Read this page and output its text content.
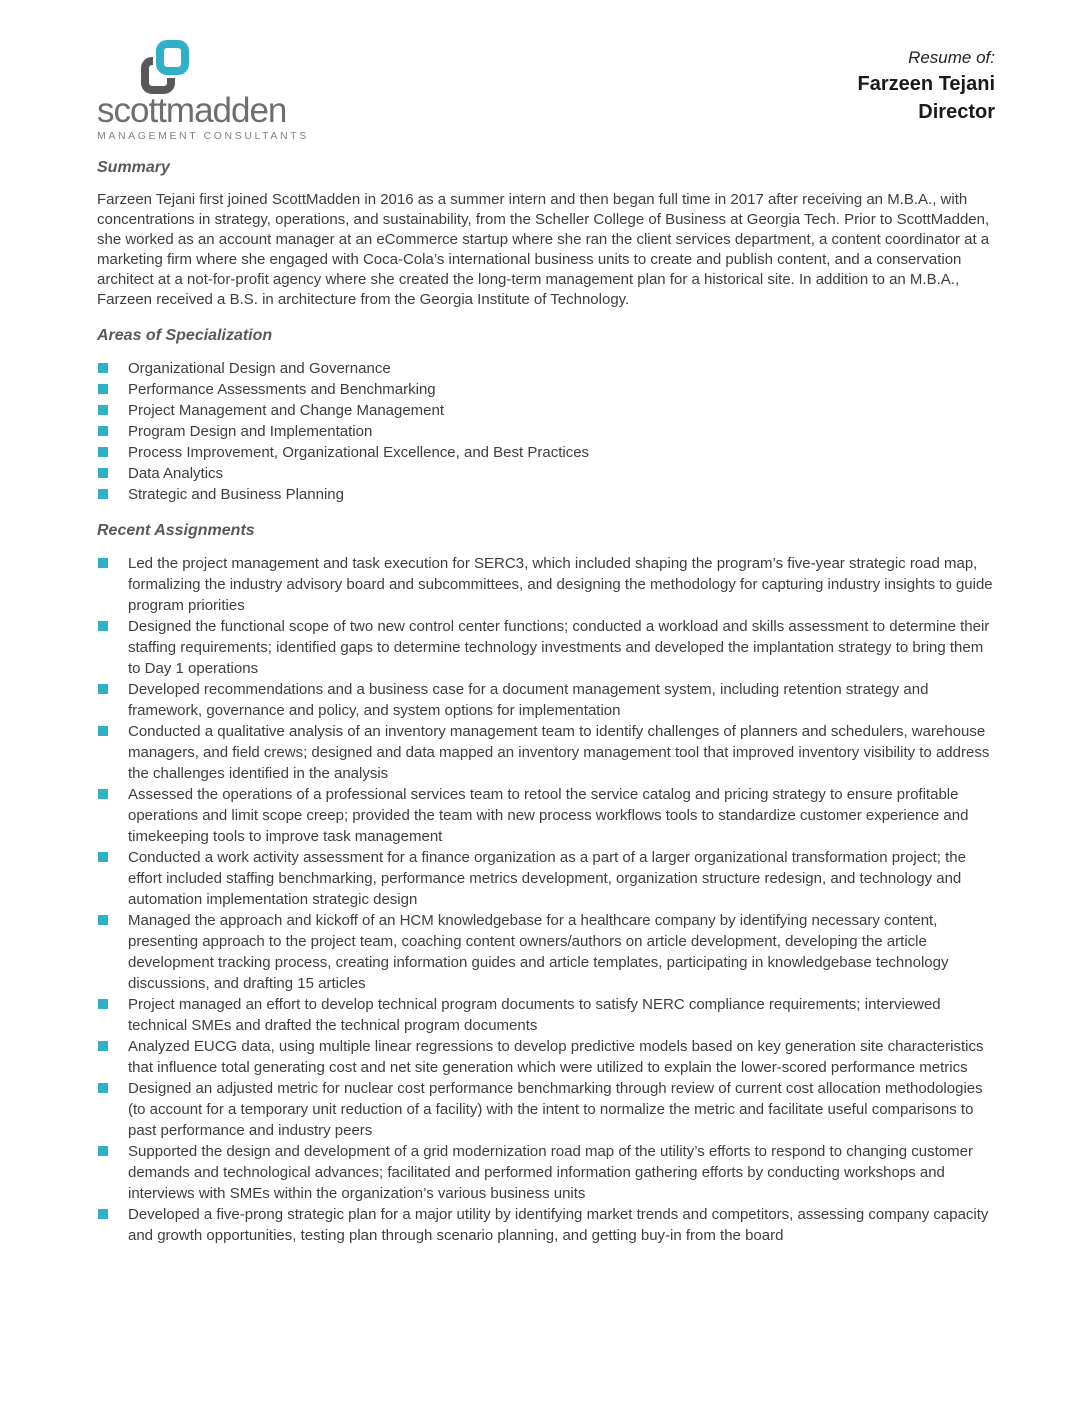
scottmadden
MANAGEMENT CONSULTANTS
Resume of:
Farzeen Tejani
Director
Summary

Farzeen Tejani first joined ScottMadden in 2016 as a summer intern and then began full time in 2017 after receiving an M.B.A., with concentrations in strategy, operations, and sustainability, from the Scheller College of Business at Georgia Tech. Prior to ScottMadden, she worked as an account manager at an eCommerce startup where she ran the client services department, a content coordinator at a marketing firm where she engaged with Coca-Cola’s international business units to create and publish content, and a conservation architect at a not-for-profit agency where she created the long-term management plan for a historical site. In addition to an M.B.A., Farzeen received a B.S. in architecture from the Georgia Institute of Technology.

Areas of Specialization
Organizational Design and Governance
Performance Assessments and Benchmarking
Project Management and Change Management
Program Design and Implementation
Process Improvement, Organizational Excellence, and Best Practices
Data Analytics
Strategic and Business Planning
Recent Assignments
Led the project management and task execution for SERC3, which included shaping the program’s five-year strategic road map, formalizing the industry advisory board and subcommittees, and designing the methodology for capturing industry insights to guide program priorities
Designed the functional scope of two new control center functions; conducted a workload and skills assessment to determine their staffing requirements; identified gaps to determine technology investments and developed the implantation strategy to bring them to Day 1 operations
Developed recommendations and a business case for a document management system, including retention strategy and framework, governance and policy, and system options for implementation
Conducted a qualitative analysis of an inventory management team to identify challenges of planners and schedulers, warehouse managers, and field crews; designed and data mapped an inventory management tool that improved inventory visibility to address the challenges identified in the analysis
Assessed the operations of a professional services team to retool the service catalog and pricing strategy to ensure profitable operations and limit scope creep; provided the team with new process workflows tools to standardize customer experience and timekeeping tools to improve task management
Conducted a work activity assessment for a finance organization as a part of a larger organizational transformation project; the effort included staffing benchmarking, performance metrics development, organization structure redesign, and technology and automation implementation strategic design
Managed the approach and kickoff of an HCM knowledgebase for a healthcare company by identifying necessary content, presenting approach to the project team, coaching content owners/authors on article development, developing the article development tracking process, creating information guides and article templates, participating in knowledgebase technology discussions, and drafting 15 articles
Project managed an effort to develop technical program documents to satisfy NERC compliance requirements; interviewed technical SMEs and drafted the technical program documents
Analyzed EUCG data, using multiple linear regressions to develop predictive models based on key generation site characteristics that influence total generating cost and net site generation which were utilized to explain the lower-scored performance metrics
Designed an adjusted metric for nuclear cost performance benchmarking through review of current cost allocation methodologies (to account for a temporary unit reduction of a facility) with the intent to normalize the metric and facilitate useful comparisons to past performance and industry peers
Supported the design and development of a grid modernization road map of the utility’s efforts to respond to changing customer demands and technological advances; facilitated and performed information gathering efforts by conducting workshops and interviews with SMEs within the organization’s various business units
Developed a five-prong strategic plan for a major utility by identifying market trends and competitors, assessing company capacity and growth opportunities, testing plan through scenario planning, and getting buy-in from the board
